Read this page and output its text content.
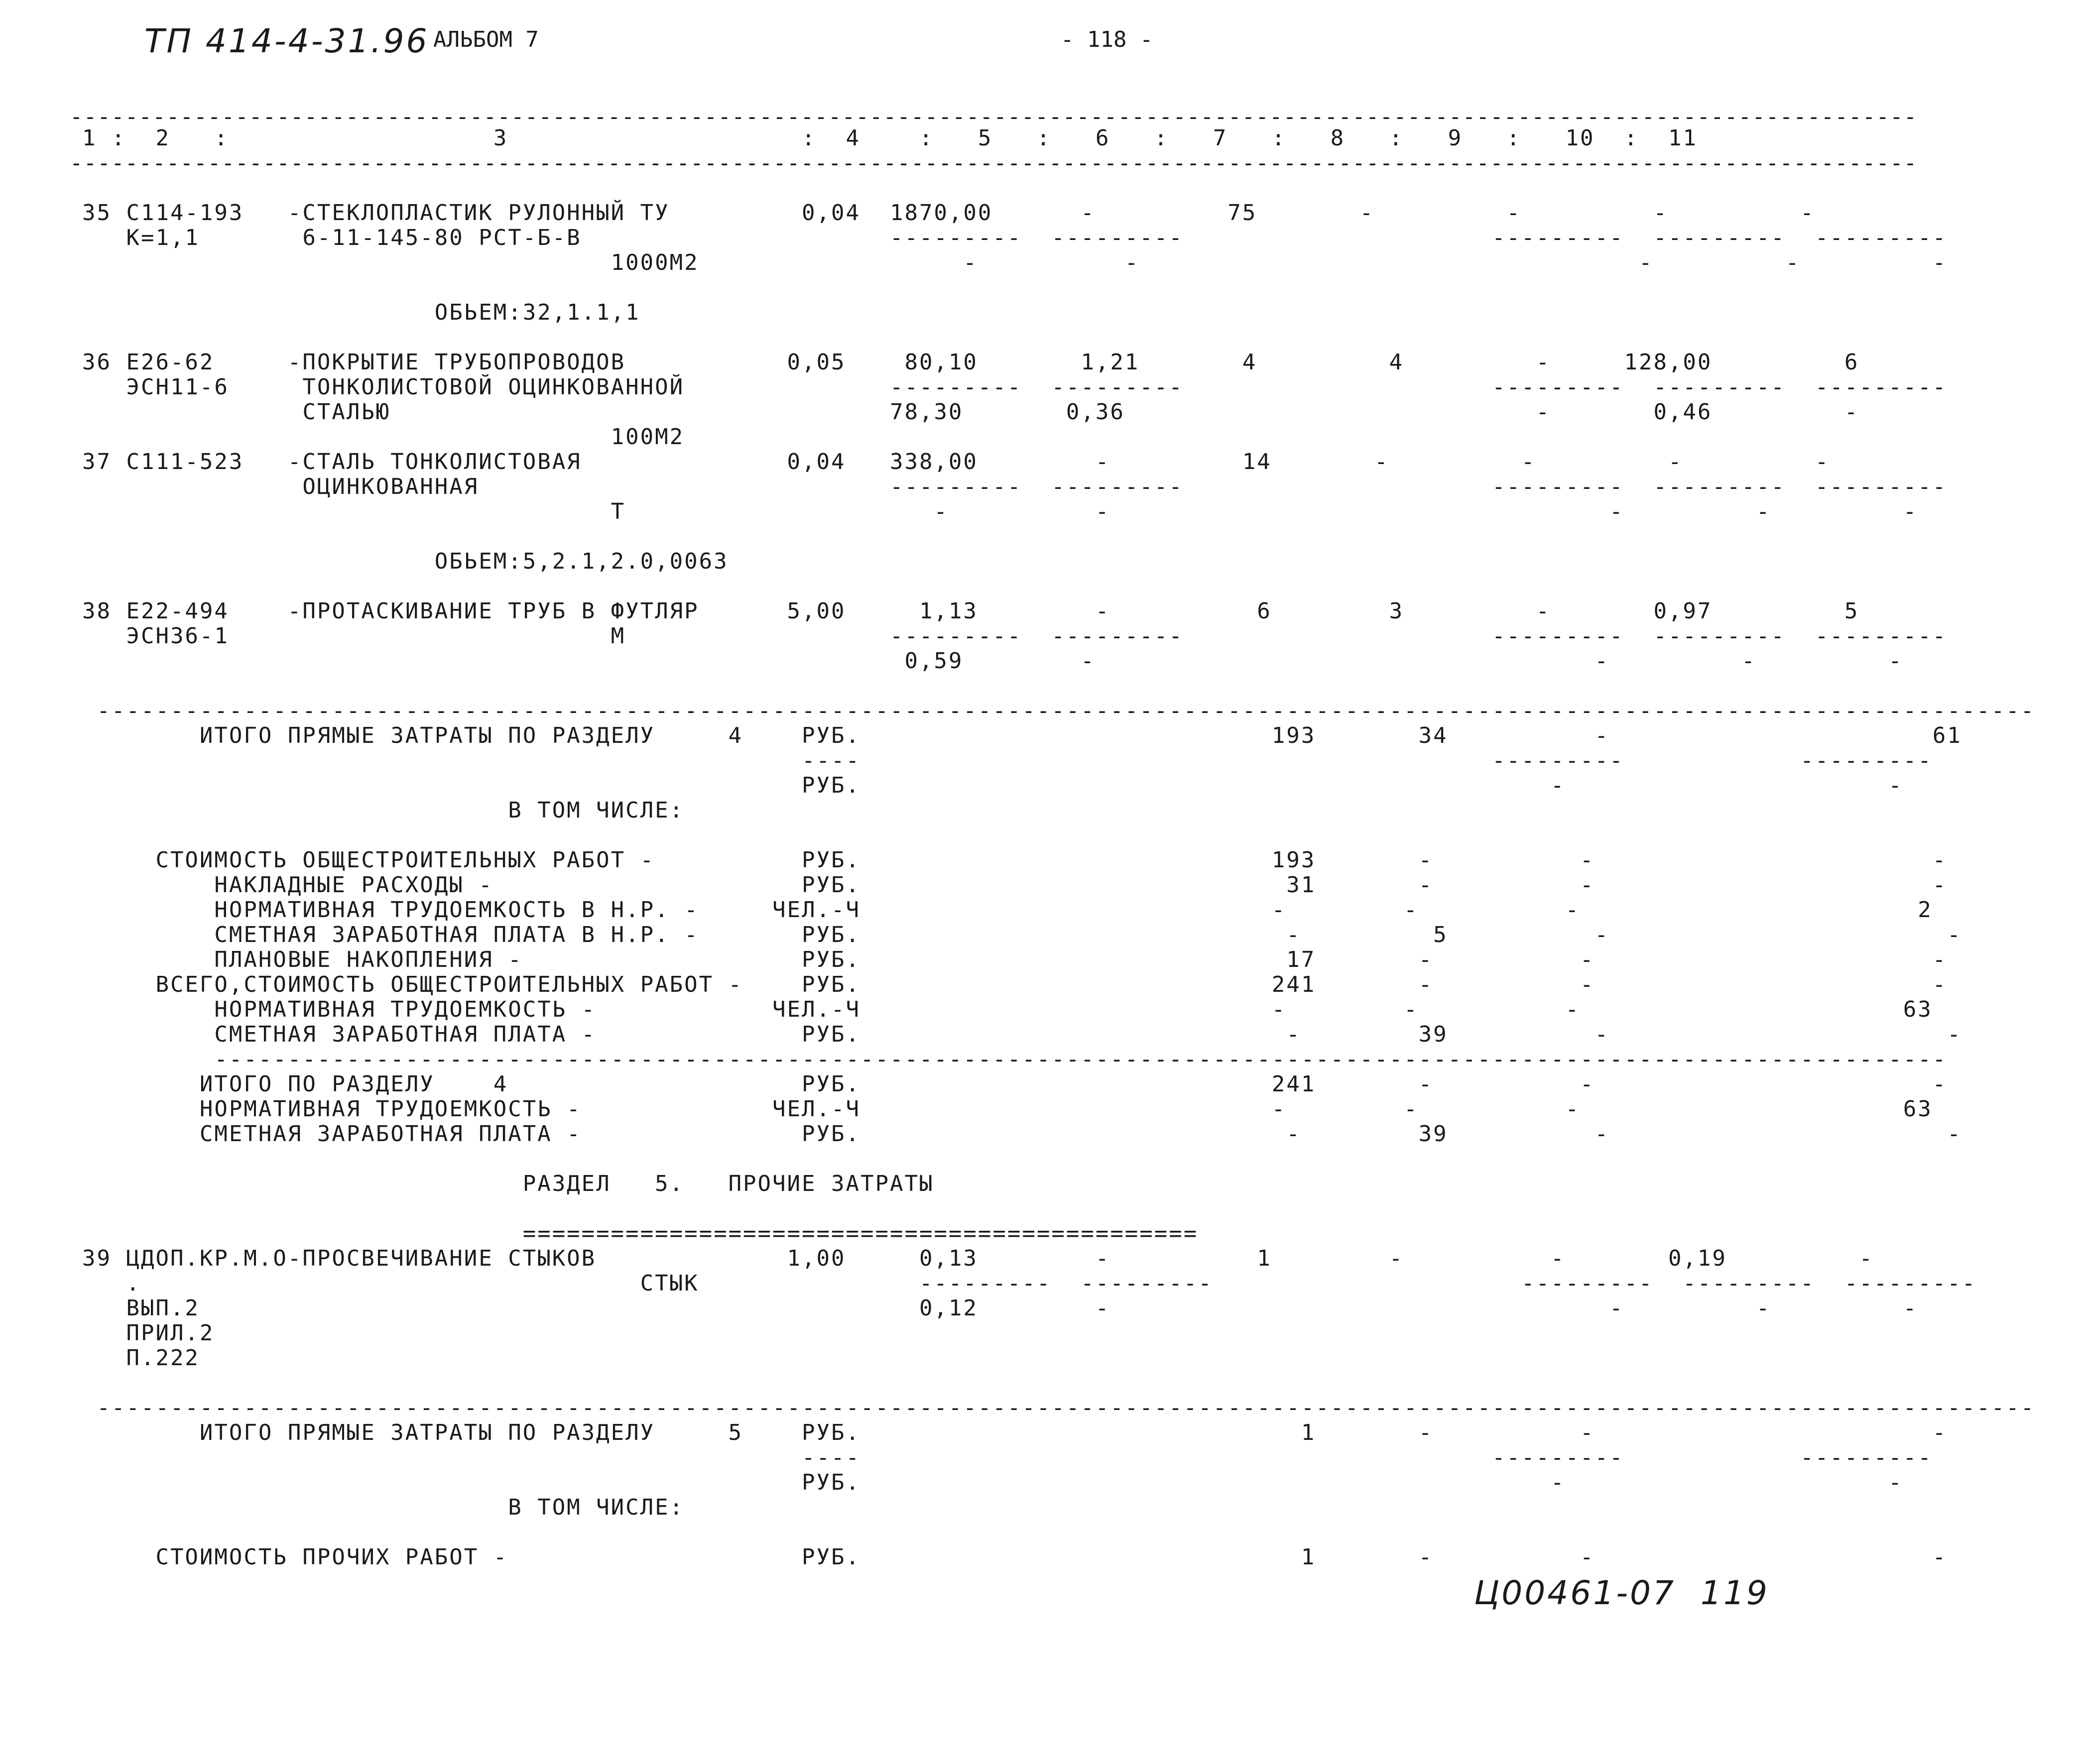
ТП 414-4-31.96 АЛЬБОМ 7	- 118 -
--------------------------------------------------------------------------------------------------------------------------------------
1 :  2   :                  3                    :  4    :   5   :   6   :   7   :   8   :   9   :   10  :  11
--------------------------------------------------------------------------------------------------------------------------------------
35 С114-193   -СТЕКЛОПЛАСТИК РУЛОННЫЙ ТУ         0,04  1870,00      -         75       -         -         -         -
К=1,1       6-11-145-80 РСТ-Б-В                     ---------  ---------                     ---------  ---------  ---------
1000М2                  -          -                                  -         -         -
ОБЬЕМ:32,1.1,1
36 Е26-62     -ПОКРЫТИЕ ТРУБОПРОВОДОВ           0,05    80,10       1,21       4         4         -     128,00         6
ЭСН11-6     ТОНКОЛИСТОВОЙ ОЦИНКОВАННОЙ              ---------  ---------                     ---------  ---------  ---------
СТАЛЬЮ                                  78,30       0,36                            -       0,46         -
100М2
37 С111-523   -СТАЛЬ ТОНКОЛИСТОВАЯ              0,04   338,00        -         14       -         -         -         -
ОЦИНКОВАННАЯ                            ---------  ---------                     ---------  ---------  ---------
Т                     -          -                                  -         -         -
ОБЬЕМ:5,2.1,2.0,0063
38 Е22-494    -ПРОТАСКИВАНИЕ ТРУБ В ФУТЛЯР      5,00     1,13        -          6        3         -       0,97         5
ЭСН36-1                          М                  ---------  ---------                     ---------  ---------  ---------
0,59        -                                  -         -         -
------------------------------------------------------------------------------------------------------------------------------------
ИТОГО ПРЯМЫЕ ЗАТРАТЫ ПО РАЗДЕЛУ     4    РУБ.                            193       34          -                      61
----                                           ---------            ---------
РУБ.                                               -                      -
В ТОМ ЧИСЛЕ:
СТОИМОСТЬ ОБЩЕСТРОИТЕЛЬНЫХ РАБОТ -          РУБ.                            193       -          -                       -
НАКЛАДНЫЕ РАСХОДЫ -                     РУБ.                             31       -          -                       -
НОРМАТИВНАЯ ТРУДОЕМКОСТЬ В Н.Р. -     ЧЕЛ.-Ч                            -        -          -                       2
СМЕТНАЯ ЗАРАБОТНАЯ ПЛАТА В Н.Р. -       РУБ.                             -         5          -                       -
ПЛАНОВЫЕ НАКОПЛЕНИЯ -                   РУБ.                             17       -          -                       -
ВСЕГО,СТОИМОСТЬ ОБЩЕСТРОИТЕЛЬНЫХ РАБОТ -    РУБ.                            241       -          -                       -
НОРМАТИВНАЯ ТРУДОЕМКОСТЬ -            ЧЕЛ.-Ч                            -        -          -                      63
СМЕТНАЯ ЗАРАБОТНАЯ ПЛАТА -              РУБ.                             -        39          -                       -
----------------------------------------------------------------------------------------------------------------------
ИТОГО ПО РАЗДЕЛУ    4                    РУБ.                            241       -          -                       -
НОРМАТИВНАЯ ТРУДОЕМКОСТЬ -             ЧЕЛ.-Ч                            -        -          -                      63
СМЕТНАЯ ЗАРАБОТНАЯ ПЛАТА -               РУБ.                             -        39          -                       -
РАЗДЕЛ   5.   ПРОЧИЕ ЗАТРАТЫ
==============================================
39 ЦДОП.КР.М.О-ПРОСВЕЧИВАНИЕ СТЫКОВ             1,00     0,13        -          1        -          -       0,19         -
.                                  СТЫК               ---------  ---------                     ---------  ---------  ---------
ВЫП.2                                                 0,12        -                                  -         -         -
ПРИЛ.2
П.222
------------------------------------------------------------------------------------------------------------------------------------
ИТОГО ПРЯМЫЕ ЗАТРАТЫ ПО РАЗДЕЛУ     5    РУБ.                              1       -          -                       -
----                                           ---------            ---------
РУБ.                                               -                      -
В ТОМ ЧИСЛЕ:
СТОИМОСТЬ ПРОЧИХ РАБОТ -                    РУБ.                              1       -          -                       -
Ц00461-07  119
